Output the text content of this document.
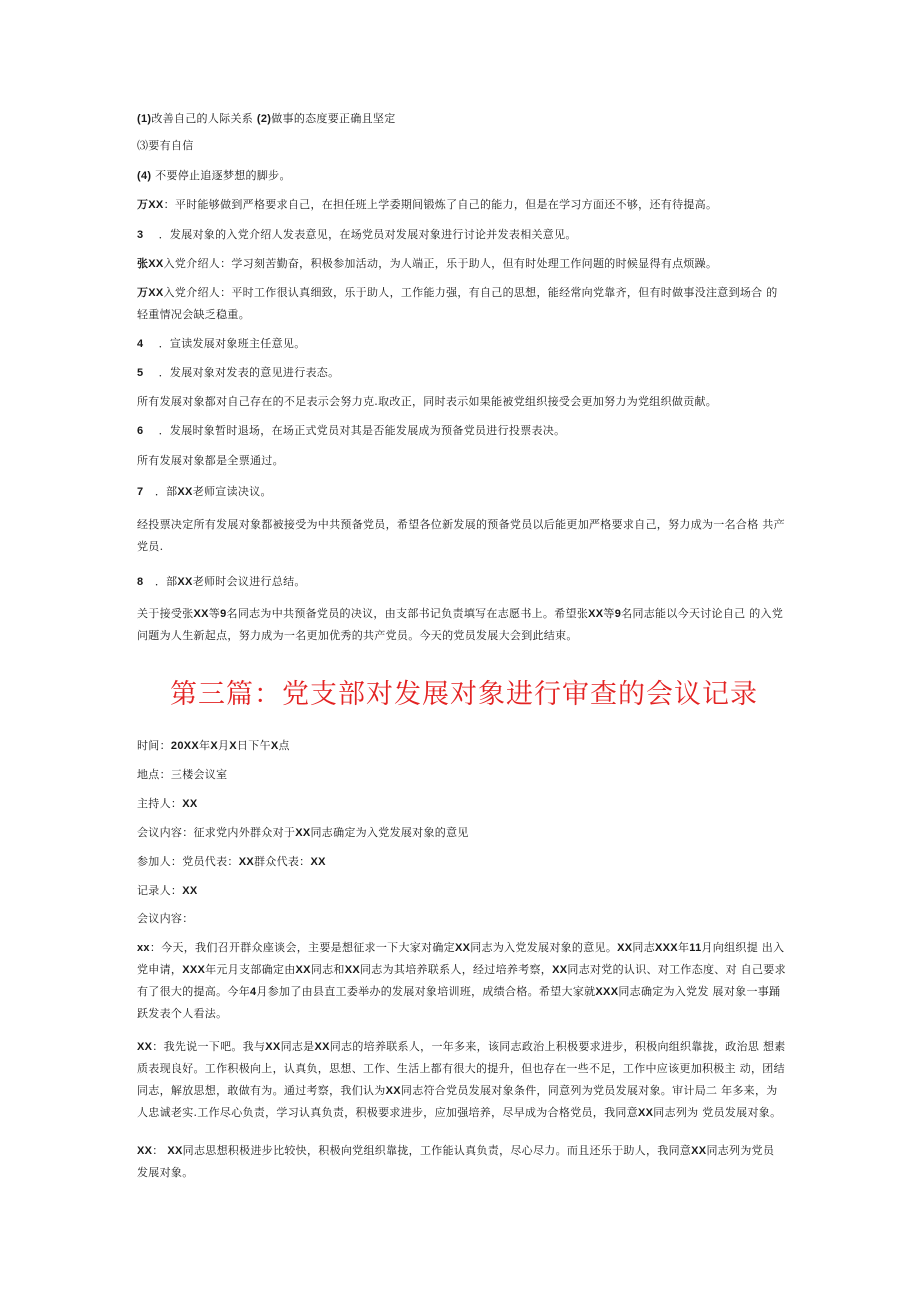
(1)改善自己的人际关系 (2)做事的态度要正确且坚定

⑶要有自信

(4) 不要停止追逐梦想的脚步。

万XX：平时能够做到严格要求自己，在担任班上学委期间锻炼了自己的能力，但是在学习方面还不够，还有待提高。

3 ．发展对象的入党介绍人发表意见，在场党员对发展对象进行讨论并发表相关意见。

张XX入党介绍人：学习刻苦勤奋，积极参加活动，为人端正，乐于助人，但有时处理工作问题的时候显得有点烦躁。

万XX入党介绍人：平时工作很认真细致，乐于助人，工作能力强，有自己的思想，能经常向党靠齐，但有时做事没注意到场合 的轻重情况会缺乏稳重。

4 ．宣读发展对象班主任意见。

5 ．发展对象对发表的意见进行表态。

所有发展对象都对自己存在的不足表示会努力克.取改正，同时表示如果能被党组织接受会更加努力为党组织做贡献。

6 ．发展时象暂时退场，在场正式党员对其是否能发展成为预备党员进行投票表决。

所有发展对象都是全票通过。

7 ．部XX老师宣读决议。

经投票决定所有发展对象都被接受为中共预备党员，希望各位新发展的预备党员以后能更加严格要求自己，努力成为一名合格 共产党员.

8 ．部XX老师时会议进行总结。

关于接受张XX等9名同志为中共预备党员的决议，由支部书记负责填写在志愿书上。希望张XX等9名同志能以今天讨论自己 的入党问题为人生新起点，努力成为一名更加优秀的共产党员。今天的党员发展大会到此结束。

第三篇：党支部对发展对象进行审查的会议记录

时间：20XX年X月X日下午X点

地点：三楼会议室

主持人：XX

会议内容：征求党内外群众对于XX同志确定为入党发展对象的意见

参加人：党员代表：XX群众代表：XX

记录人：XX

会议内容：

xx：今天，我们召开群众座谈会，主要是想征求一下大家对确定XX同志为入党发展对象的意见。XX同志XXX年11月向组织提 出入党申请，XXX年元月支部确定由XX同志和XX同志为其培养联系人，经过培养考察，XX同志对党的认识、对工作态度、对 自己要求有了很大的提高。今年4月参加了由县直工委举办的发展对象培训班，成绩合格。希望大家就XXX同志确定为入党发 展对象一事踊跃发表个人看法。

XX：我先说一下吧。我与XX同志是XX同志的培养联系人，一年多来，该同志政治上积极要求进步，积极向组织靠拢，政治思 想素质表现良好。工作积极向上，认真负，思想、工作、生活上都有很大的提升，但也存在一些不足，工作中应该更加积极主 动，团结同志，解放思想，敢做有为。通过考察，我们认为XX同志符合党员发展对象条件，同意列为党员发展对象。审计局二 年多来，为人忠诚老实.工作尽心负责，学习认真负责，积极要求进步，应加强培养，尽早成为合格党员，我同意XX同志列为 党员发展对象。

XX： XX同志思想积极进步比较快，积极向党组织靠拢，工作能认真负责，尽心尽力。而且还乐于助人，我同意XX同志列为党员 发展对象。
